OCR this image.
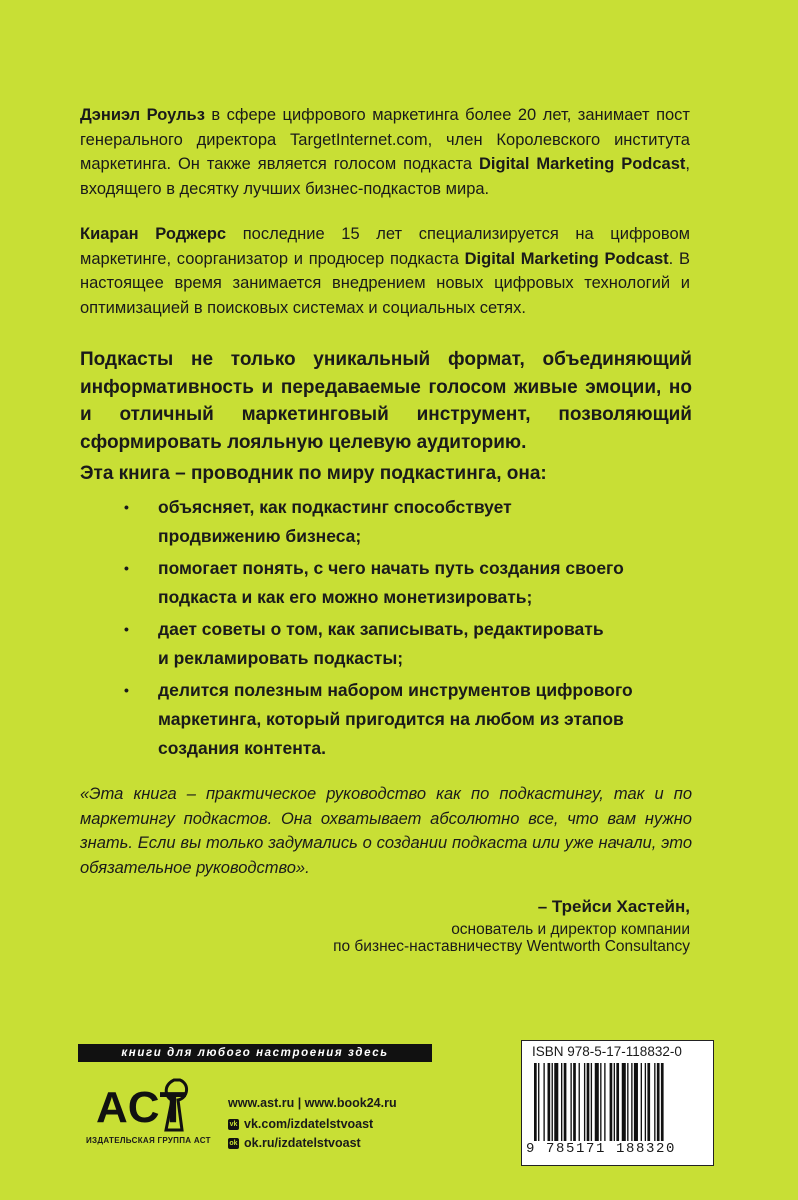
Дэниэл Роульз в сфере цифрового маркетинга более 20 лет, занимает пост генерального директора TargetInternet.com, член Королевского института маркетинга. Он также является голосом подкаста Digital Marketing Podcast, входящего в десятку лучших бизнес-подкастов мира.

Киаран Роджерс последние 15 лет специализируется на цифровом маркетинге, соорганизатор и продюсер подкаста Digital Marketing Podcast. В настоящее время занимается внедрением новых цифровых технологий и оптимизацией в поисковых системах и социальных сетях.

Подкасты не только уникальный формат, объединяющий информативность и передаваемые голосом живые эмоции, но и отличный маркетинговый инструмент, позволяющий сформировать лояльную целевую аудиторию.

Эта книга – проводник по миру подкастинга, она:

• объясняет, как подкастинг способствует
продвижению бизнеса;
• помогает понять, с чего начать путь создания своего
подкаста и как его можно монетизировать;
• дает советы о том, как записывать, редактировать
и рекламировать подкасты;
• делится полезным набором инструментов цифрового
маркетинга, который пригодится на любом из этапов
создания контента.

«Эта книга – практическое руководство как по подкастингу, так и по маркетингу подкастов. Она охватывает абсолютно все, что вам нужно знать. Если вы только задумались о создании подкаста или уже начали, это обязательное руководство».

– Трейси Хастейн,

основатель и директор компании

по бизнес-наставничеству Wentworth Consultancy

книги для любого настроения здесь
ACT
ИЗДАТЕЛЬСКАЯ ГРУППА АСТ
www.ast.ru | www.book24.ru
vk vk.com/izdatelstvoast
ok ok.ru/izdatelstvoast
ISBN 978-5-17-118832-0
9 785171 188320
